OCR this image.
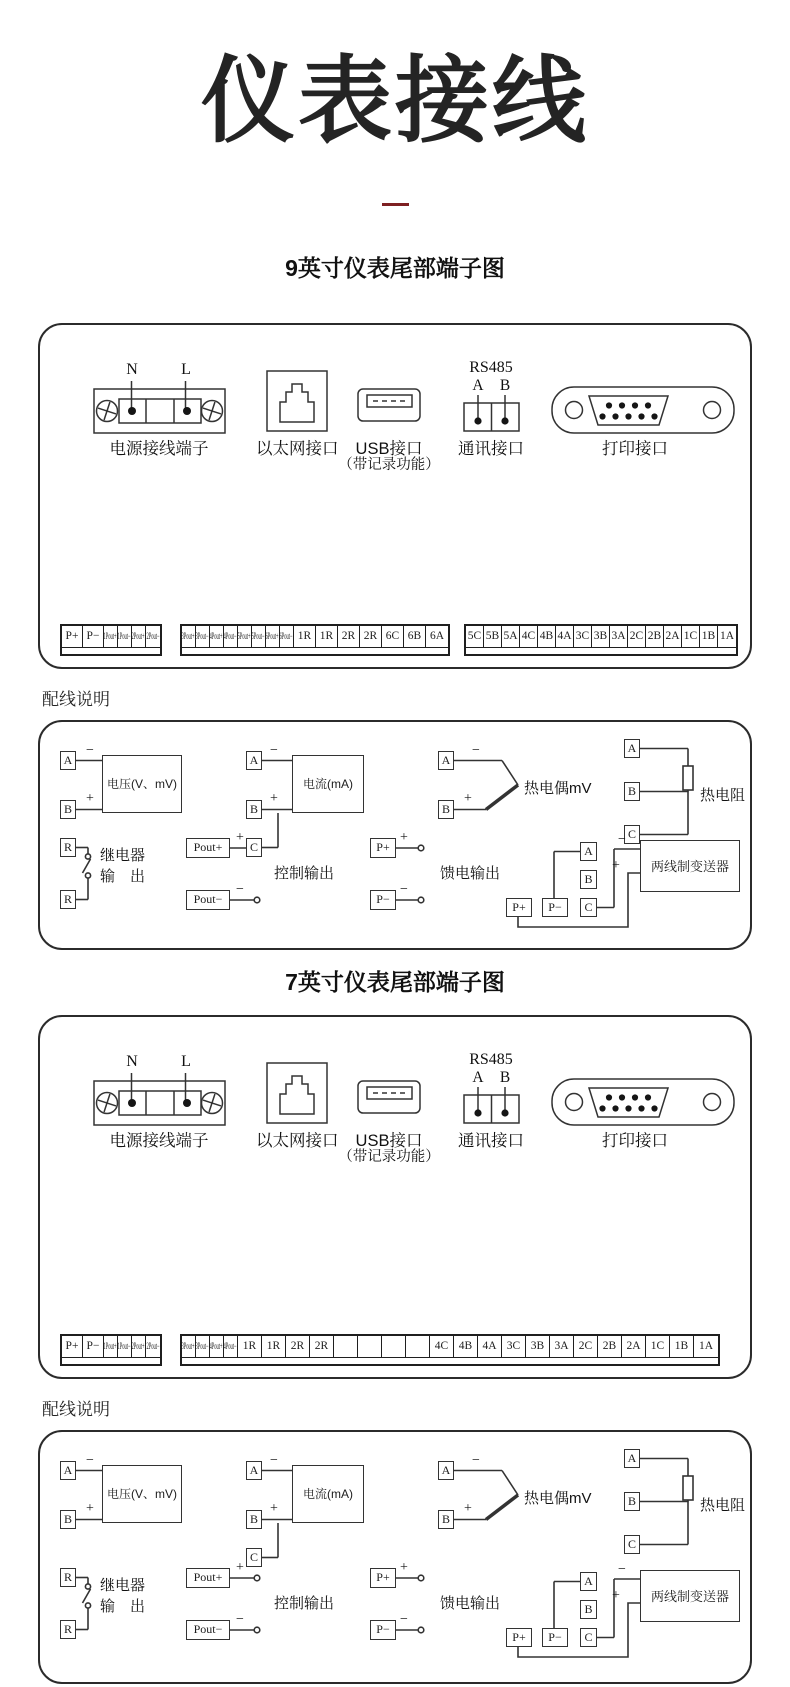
仪表接线
9英寸仪表尾部端子图
N	L
电源接线端子	以太网接口	USB接口
（带记录功能）
RS485
A B
通讯接口	打印接口
P+ P− 1Pout+ 1Pout− 2Pout+ 2Pout− 3Pout+ 3Pout− 4Pout+ 4Pout− 5Pout+ 5Pout− 6Pout+ 6Pout− 1R 1R 2R 2R 6C 6B 6A	5C 5B 5A 4C 4B 4A 3C 3B 3A 2C 2B 2A 1C 1B 1A
配线说明
A
B
−
+
电压(V、mV)
A
B
C
−
+
电流(mA)
A
B
−
+
热电偶mV
A
B
C
热电阻
R
R
继电器
输　出
Pout+
Pout−
+
−
控制输出
P+
P−
+
−
馈电输出
P+	P−
A
B
C
−
+	两线制变送器
7英寸仪表尾部端子图
N	L
电源接线端子	以太网接口	USB接口
（带记录功能）
RS485
A B
通讯接口	打印接口
P+ P− 1Pout+ 1Pout− 2Pout+ 2Pout− 3Pout+ 3Pout− 4Pout+ 4Pout− 1R 1R 2R 2R	4C 4B 4A 3C 3B 3A 2C 2B 2A 1C 1B 1A
配线说明
A
B
−
+
电压(V、mV)
A
B
C
−
+
电流(mA)
A
B
−
+
热电偶mV
A
B
C
热电阻
R
R
继电器
输　出
Pout+
Pout−
+
−
控制输出
P+
P−
+
−
馈电输出
P+	P−
A
B
C
−
+	两线制变送器
